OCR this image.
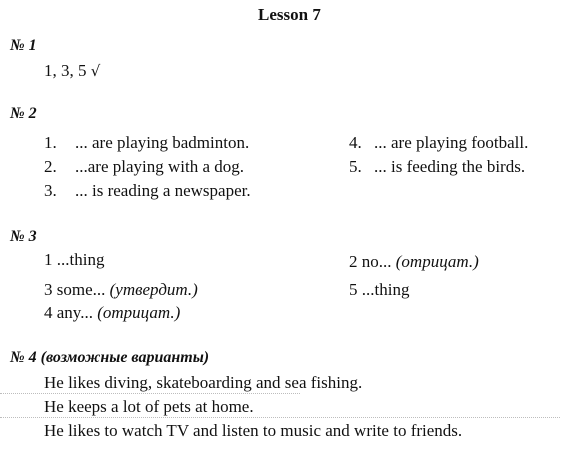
Lesson 7
№ 1
1, 3, 5 √
№ 2
1. ... are playing badminton.
2. ...are playing with a dog.
3. ... is reading a newspaper.
4. ... are playing football.
5. ... is feeding the birds.
№ 3
1 ...thing	2 no... (отрицат.)
3 some... (утвердит.)	5 ...thing
4 any... (отрицат.)
№ 4 (возможные варианты)
He likes diving, skateboarding and sea fishing.
He keeps a lot of pets at home.
He likes to watch TV and listen to music and write to friends.
